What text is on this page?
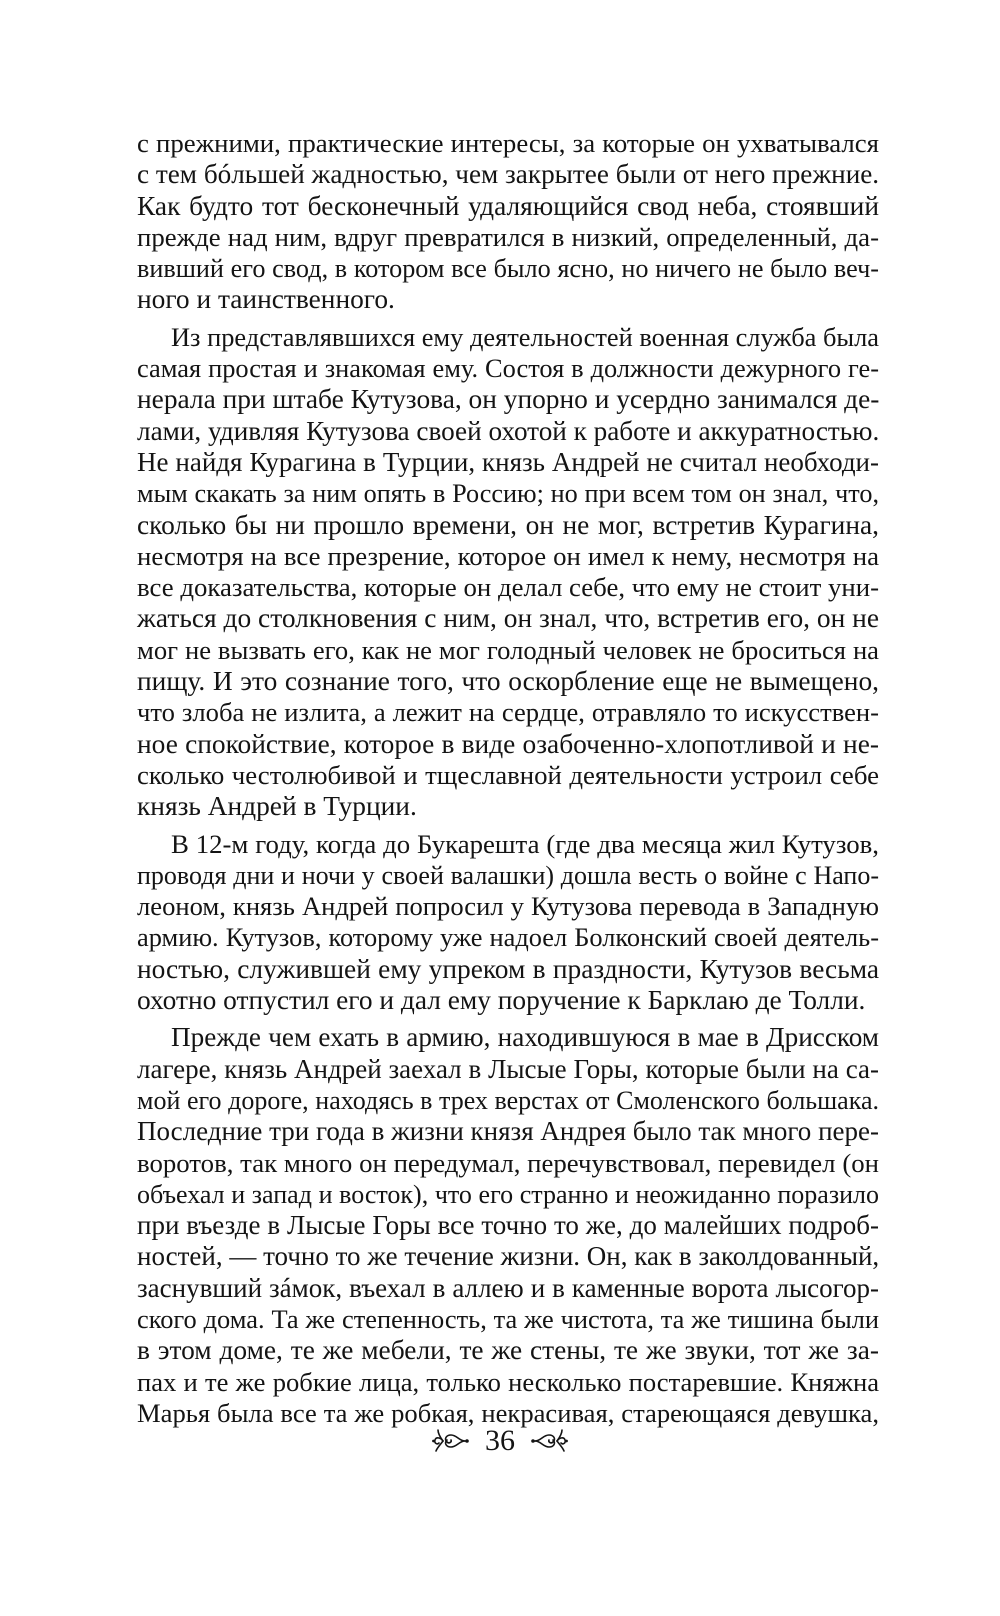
с прежними, практические интересы, за которые он ухватывался
с тем бóльшей жадностью, чем закрытее были от него прежние.
Как будто тот бесконечный удаляющийся свод неба, стоявший
прежде над ним, вдруг превратился в низкий, определенный, да-
вивший его свод, в котором все было ясно, но ничего не было веч-
ного и таинственного.
Из представлявшихся ему деятельностей военная служба была
самая простая и знакомая ему. Состоя в должности дежурного ге-
нерала при штабе Кутузова, он упорно и усердно занимался де-
лами, удивляя Кутузова своей охотой к работе и аккуратностью.
Не найдя Курагина в Турции, князь Андрей не считал необходи-
мым скакать за ним опять в Россию; но при всем том он знал, что,
сколько бы ни прошло времени, он не мог, встретив Курагина,
несмотря на все презрение, которое он имел к нему, несмотря на
все доказательства, которые он делал себе, что ему не стоит уни-
жаться до столкновения с ним, он знал, что, встретив его, он не
мог не вызвать его, как не мог голодный человек не броситься на
пищу. И это сознание того, что оскорбление еще не вымещено,
что злоба не излита, а лежит на сердце, отравляло то искусствен-
ное спокойствие, которое в виде озабоченно-хлопотливой и не-
сколько честолюбивой и тщеславной деятельности устроил себе
князь Андрей в Турции.
В 12-м году, когда до Букарешта (где два месяца жил Кутузов,
проводя дни и ночи у своей валашки) дошла весть о войне с Напо-
леоном, князь Андрей попросил у Кутузова перевода в Западную
армию. Кутузов, которому уже надоел Болконский своей деятель-
ностью, служившей ему упреком в праздности, Кутузов весьма
охотно отпустил его и дал ему поручение к Барклаю де Толли.
Прежде чем ехать в армию, находившуюся в мае в Дрисском
лагере, князь Андрей заехал в Лысые Горы, которые были на са-
мой его дороге, находясь в трех верстах от Смоленского большака.
Последние три года в жизни князя Андрея было так много пере-
воротов, так много он передумал, перечувствовал, перевидел (он
объехал и запад и восток), что его странно и неожиданно поразило
при въезде в Лысые Горы все точно то же, до малейших подроб-
ностей, — точно то же течение жизни. Он, как в заколдованный,
заснувший зáмок, въехал в аллею и в каменные ворота лысогор-
ского дома. Та же степенность, та же чистота, та же тишина были
в этом доме, те же мебели, те же стены, те же звуки, тот же за-
пах и те же робкие лица, только несколько постаревшие. Княжна
Марья была все та же робкая, некрасивая, стареющаяся девушка,
36
